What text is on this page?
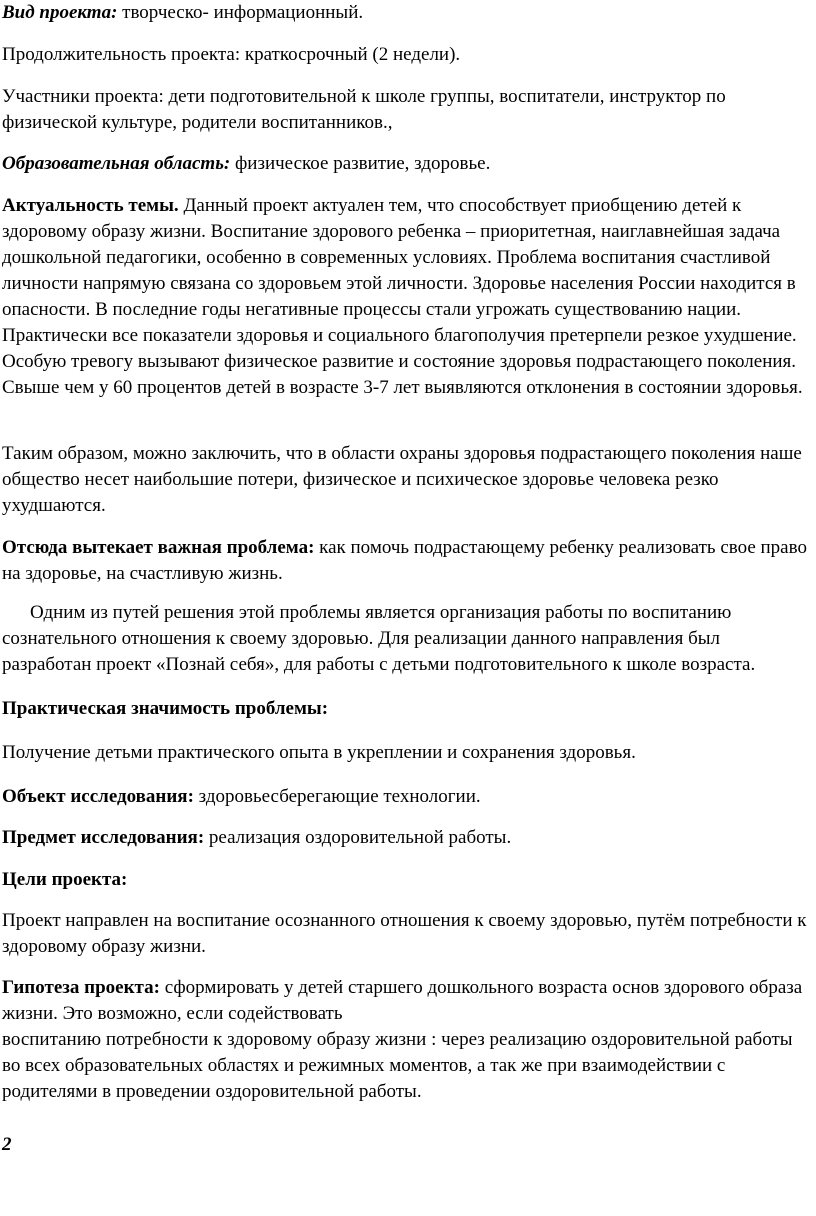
Вид проекта: творческо- информационный.

Продолжительность проекта: краткосрочный (2 недели).

Участники проекта: дети подготовительной к школе группы, воспитатели, инструктор по физической культуре, родители воспитанников.,

Образовательная область: физическое развитие, здоровье.

Актуальность темы. Данный проект актуален тем, что способствует приобщению детей к здоровому образу жизни. Воспитание здорового ребенка – приоритетная, наиглавнейшая задача дошкольной педагогики, особенно в современных условиях. Проблема воспитания счастливой личности напрямую связана со здоровьем этой личности. Здоровье населения России находится в опасности. В последние годы негативные процессы стали угрожать существованию нации. Практически все показатели здоровья и социального благополучия претерпели резкое ухудшение. Особую тревогу вызывают физическое развитие и состояние здоровья подрастающего поколения. Свыше чем у 60 процентов детей в возрасте 3-7 лет выявляются отклонения в состоянии здоровья.

Таким образом, можно заключить, что в области охраны здоровья подрастающего поколения наше общество несет наибольшие потери, физическое и психическое здоровье человека резко ухудшаются.

Отсюда вытекает важная проблема: как помочь подрастающему ребенку реализовать свое право на здоровье, на счастливую жизнь.

Одним из путей решения этой проблемы является организация работы по воспитанию сознательного отношения к своему здоровью. Для реализации данного направления был разработан проект «Познай себя», для работы с детьми подготовительного к школе возраста.

Практическая значимость проблемы:

Получение детьми практического опыта в укреплении и сохранения здоровья.

Объект исследования: здоровьесберегающие технологии.

Предмет исследования: реализация оздоровительной работы.

Цели проекта:

Проект направлен на воспитание осознанного отношения к своему здоровью, путём потребности к здоровому образу жизни.

Гипотеза проекта: сформировать у детей старшего дошкольного возраста основ здорового образа жизни. Это возможно, если содействовать
воспитанию потребности к здоровому образу жизни : через реализацию оздоровительной работы во всех образовательных областях и режимных моментов, а так же при взаимодействии с родителями в проведении оздоровительной работы.

2
